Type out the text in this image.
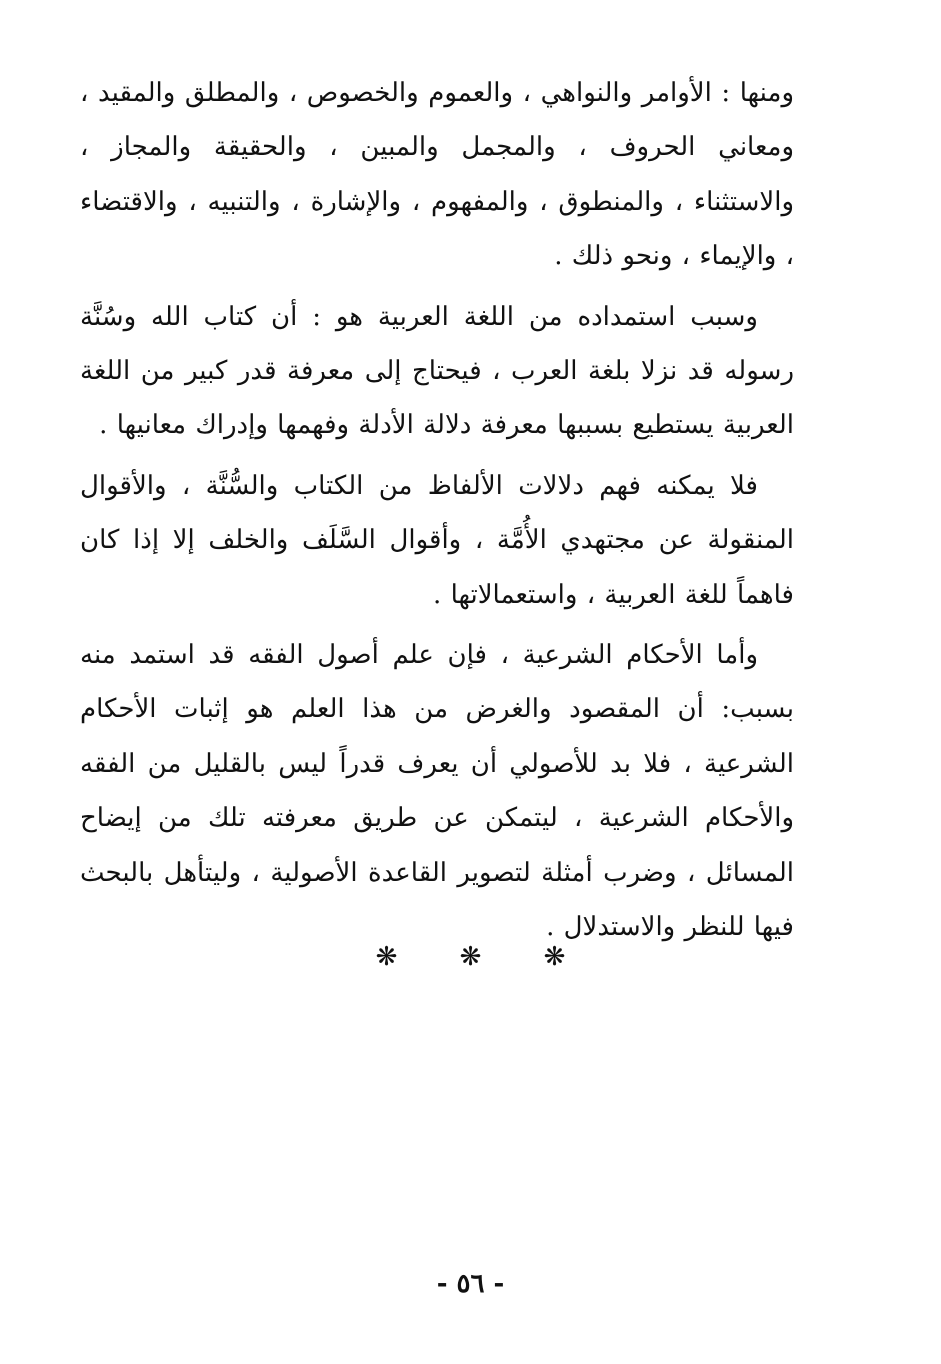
ومنها : الأوامر والنواهي ، والعموم والخصوص ، والمطلق والمقيد ، ومعاني الحروف ، والمجمل والمبين ، والحقيقة والمجاز ، والاستثناء ، والمنطوق ، والمفهوم ، والإشارة ، والتنبيه ، والاقتضاء ، والإيماء ، ونحو ذلك .

وسبب استمداده من اللغة العربية هو : أن كتاب الله وسُنَّة رسوله قد نزلا بلغة العرب ، فيحتاج إلى معرفة قدر كبير من اللغة العربية يستطيع بسببها معرفة دلالة الأدلة وفهمها وإدراك معانيها .

فلا يمكنه فهم دلالات الألفاظ من الكتاب والسُّنَّة ، والأقوال المنقولة عن مجتهدي الأُمَّة ، وأقوال السَّلَف والخلف إلا إذا كان فاهماً للغة العربية ، واستعمالاتها .

وأما الأحكام الشرعية ، فإن علم أصول الفقه قد استمد منه بسبب: أن المقصود والغرض من هذا العلم هو إثبات الأحكام الشرعية ، فلا بد للأصولي أن يعرف قدراً ليس بالقليل من الفقه والأحكام الشرعية ، ليتمكن عن طريق معرفته تلك من إيضاح المسائل ، وضرب أمثلة لتصوير القاعدة الأصولية ، وليتأهل بالبحث فيها للنظر والاستدلال .

❋
❋
❋
- ٥٦ -
